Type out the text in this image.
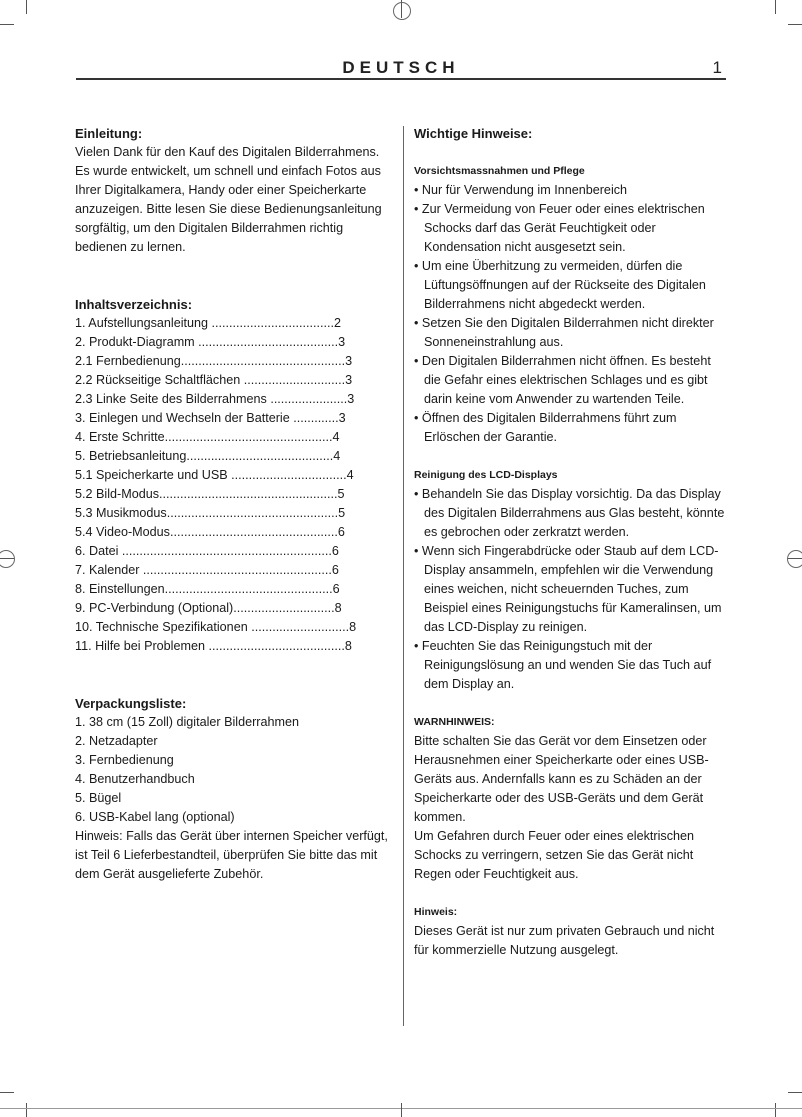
DEUTSCH	1
Einleitung:

Vielen Dank für den Kauf des Digitalen Bilderrahmens. Es wurde entwickelt, um schnell und einfach Fotos aus Ihrer Digitalkamera, Handy oder einer Speicherkarte anzuzeigen. Bitte lesen Sie diese Bedienungsanleitung sorgfältig, um den Digitalen Bilderrahmen richtig bedienen zu lernen.

Inhaltsverzeichnis:
1. Aufstellungsanleitung ...................................2
2. Produkt-Diagramm ........................................3
2.1 Fernbedienung...............................................3
2.2 Rückseitige Schaltflächen .............................3
2.3 Linke Seite des Bilderrahmens ......................3
3. Einlegen und Wechseln der Batterie .............3
4. Erste Schritte................................................4
5. Betriebsanleitung..........................................4
5.1 Speicherkarte und USB .................................4
5.2 Bild-Modus...................................................5
5.3 Musikmodus.................................................5
5.4 Video-Modus................................................6
6. Datei ............................................................6
7. Kalender ......................................................6
8. Einstellungen................................................6
9. PC-Verbindung (Optional).............................8
10. Technische Spezifikationen ............................8
11. Hilfe bei Problemen .......................................8
Verpackungsliste:
1. 38 cm (15 Zoll) digitaler Bilderrahmen
2. Netzadapter
3. Fernbedienung
4. Benutzerhandbuch
5. Bügel
6. USB-Kabel lang (optional)

Hinweis: Falls das Gerät über internen Speicher verfügt, ist Teil 6 Lieferbestandteil, überprüfen Sie bitte das mit dem Gerät ausgelieferte Zubehör.

Wichtige Hinweise:
Vorsichtsmassnahmen und Pflege
• Nur für Verwendung im Innenbereich
• Zur Vermeidung von Feuer oder eines elektrischen Schocks darf das Gerät Feuchtigkeit oder Kondensation nicht ausgesetzt sein.
• Um eine Überhitzung zu vermeiden, dürfen die Lüftungsöffnungen auf der Rückseite des Digitalen Bilderrahmens nicht abgedeckt werden.
• Setzen Sie den Digitalen Bilderrahmen nicht direkter Sonneneinstrahlung aus.
• Den Digitalen Bilderrahmen nicht öffnen. Es besteht die Gefahr eines elektrischen Schlages und es gibt darin keine vom Anwender zu wartenden Teile.
• Öffnen des Digitalen Bilderrahmens führt zum Erlöschen der Garantie.
Reinigung des LCD-Displays
• Behandeln Sie das Display vorsichtig. Da das Display des Digitalen Bilderrahmens aus Glas besteht, könnte es gebrochen oder zerkratzt werden.
• Wenn sich Fingerabdrücke oder Staub auf dem LCD-Display ansammeln, empfehlen wir die Verwendung eines weichen, nicht scheuernden Tuches, zum Beispiel eines Reinigungstuchs für Kameralinsen, um das LCD-Display zu reinigen.
• Feuchten Sie das Reinigungstuch mit der Reinigungslösung an und wenden Sie das Tuch auf dem Display an.
WARNHINWEIS:

Bitte schalten Sie das Gerät vor dem Einsetzen oder Herausnehmen einer Speicherkarte oder eines USB-Geräts aus. Andernfalls kann es zu Schäden an der Speicherkarte oder des USB-Geräts und dem Gerät kommen.

Um Gefahren durch Feuer oder eines elektrischen Schocks zu verringern, setzen Sie das Gerät nicht Regen oder Feuchtigkeit aus.

Hinweis:

Dieses Gerät ist nur zum privaten Gebrauch und nicht für kommerzielle Nutzung ausgelegt.
